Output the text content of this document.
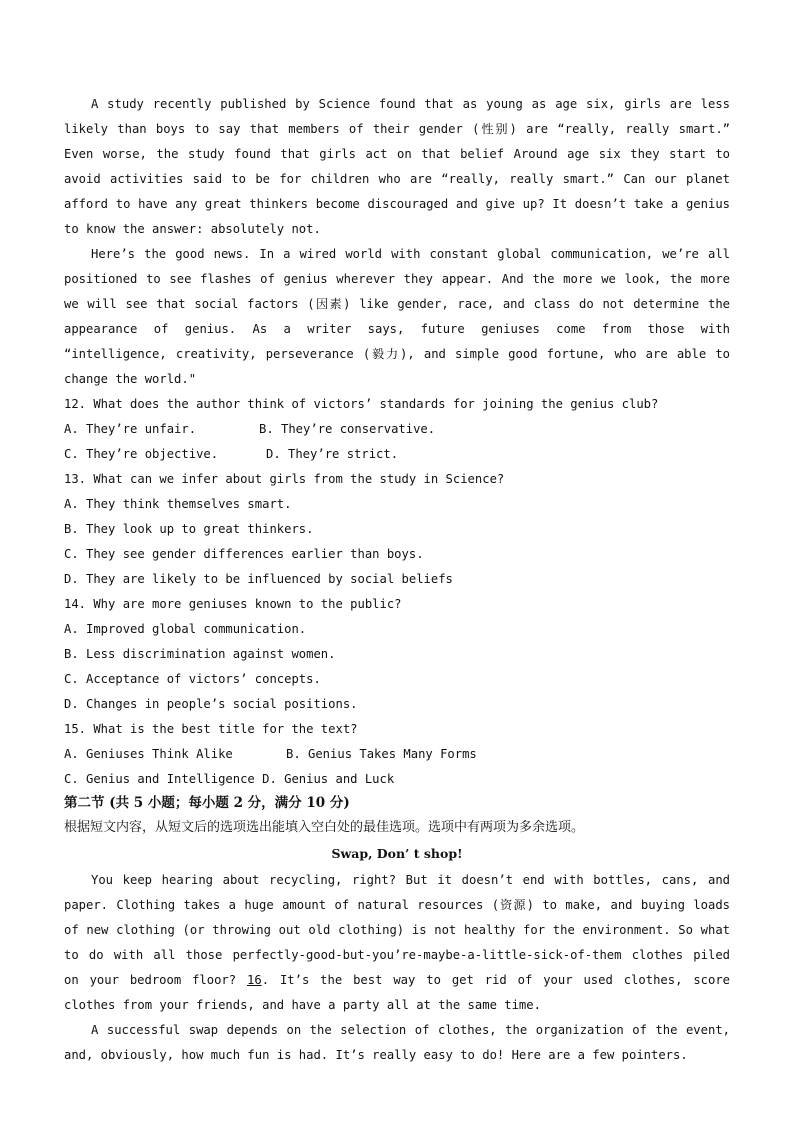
A study recently published by Science found that as young as age six, girls are less likely than boys to say that members of their gender (性别) are “really, really smart.” Even worse, the study found that girls act on that belief Around age six they start to avoid activities said to be for children who are “really, really smart.” Can our planet afford to have any great thinkers become discouraged and give up? It doesn’t take a genius to know the answer: absolutely not.

Here’s the good news. In a wired world with constant global communication, we’re all positioned to see flashes of genius wherever they appear. And the more we look, the more we will see that social factors (因素) like gender, race, and class do not determine the appearance of genius. As a writer says, future geniuses come from those with “intelligence, creativity, perseverance (毅力), and simple good fortune, who are able to change the world."

12. What does the author think of victors’ standards for joining the genius club?

A. They’re unfair.	B. They’re conservative.
C. They’re objective.	D. They’re strict.

13. What can we infer about girls from the study in Science?

A. They think themselves smart.

B. They look up to great thinkers.

C. They see gender differences earlier than boys.

D. They are likely to be influenced by social beliefs

14. Why are more geniuses known to the public?

A. Improved global communication.

B. Less discrimination against women.

C. Acceptance of victors’ concepts.

D. Changes in people’s social positions.

15. What is the best title for the text?

A. Geniuses Think Alike	B. Genius Takes Many Forms

C. Genius and Intelligence D. Genius and Luck

第二节 (共 5 小题；每小题 2 分，满分 10 分)

根据短文内容，从短文后的选项选出能填入空白处的最佳选项。选项中有两项为多余选项。

Swap, Don’ t shop!

You keep hearing about recycling, right? But it doesn’t end with bottles, cans, and paper. Clothing takes a huge amount of natural resources (资源) to make, and buying loads of new clothing (or throwing out old clothing) is not healthy for the environment. So what to do with all those perfectly-good-but-you’re-maybe-a-little-sick-of-them clothes piled on your bedroom floor? 16. It’s the best way to get rid of your used clothes, score clothes from your friends, and have a party all at the same time.

A successful swap depends on the selection of clothes, the organization of the event, and, obviously, how much fun is had. It’s really easy to do! Here are a few pointers.
